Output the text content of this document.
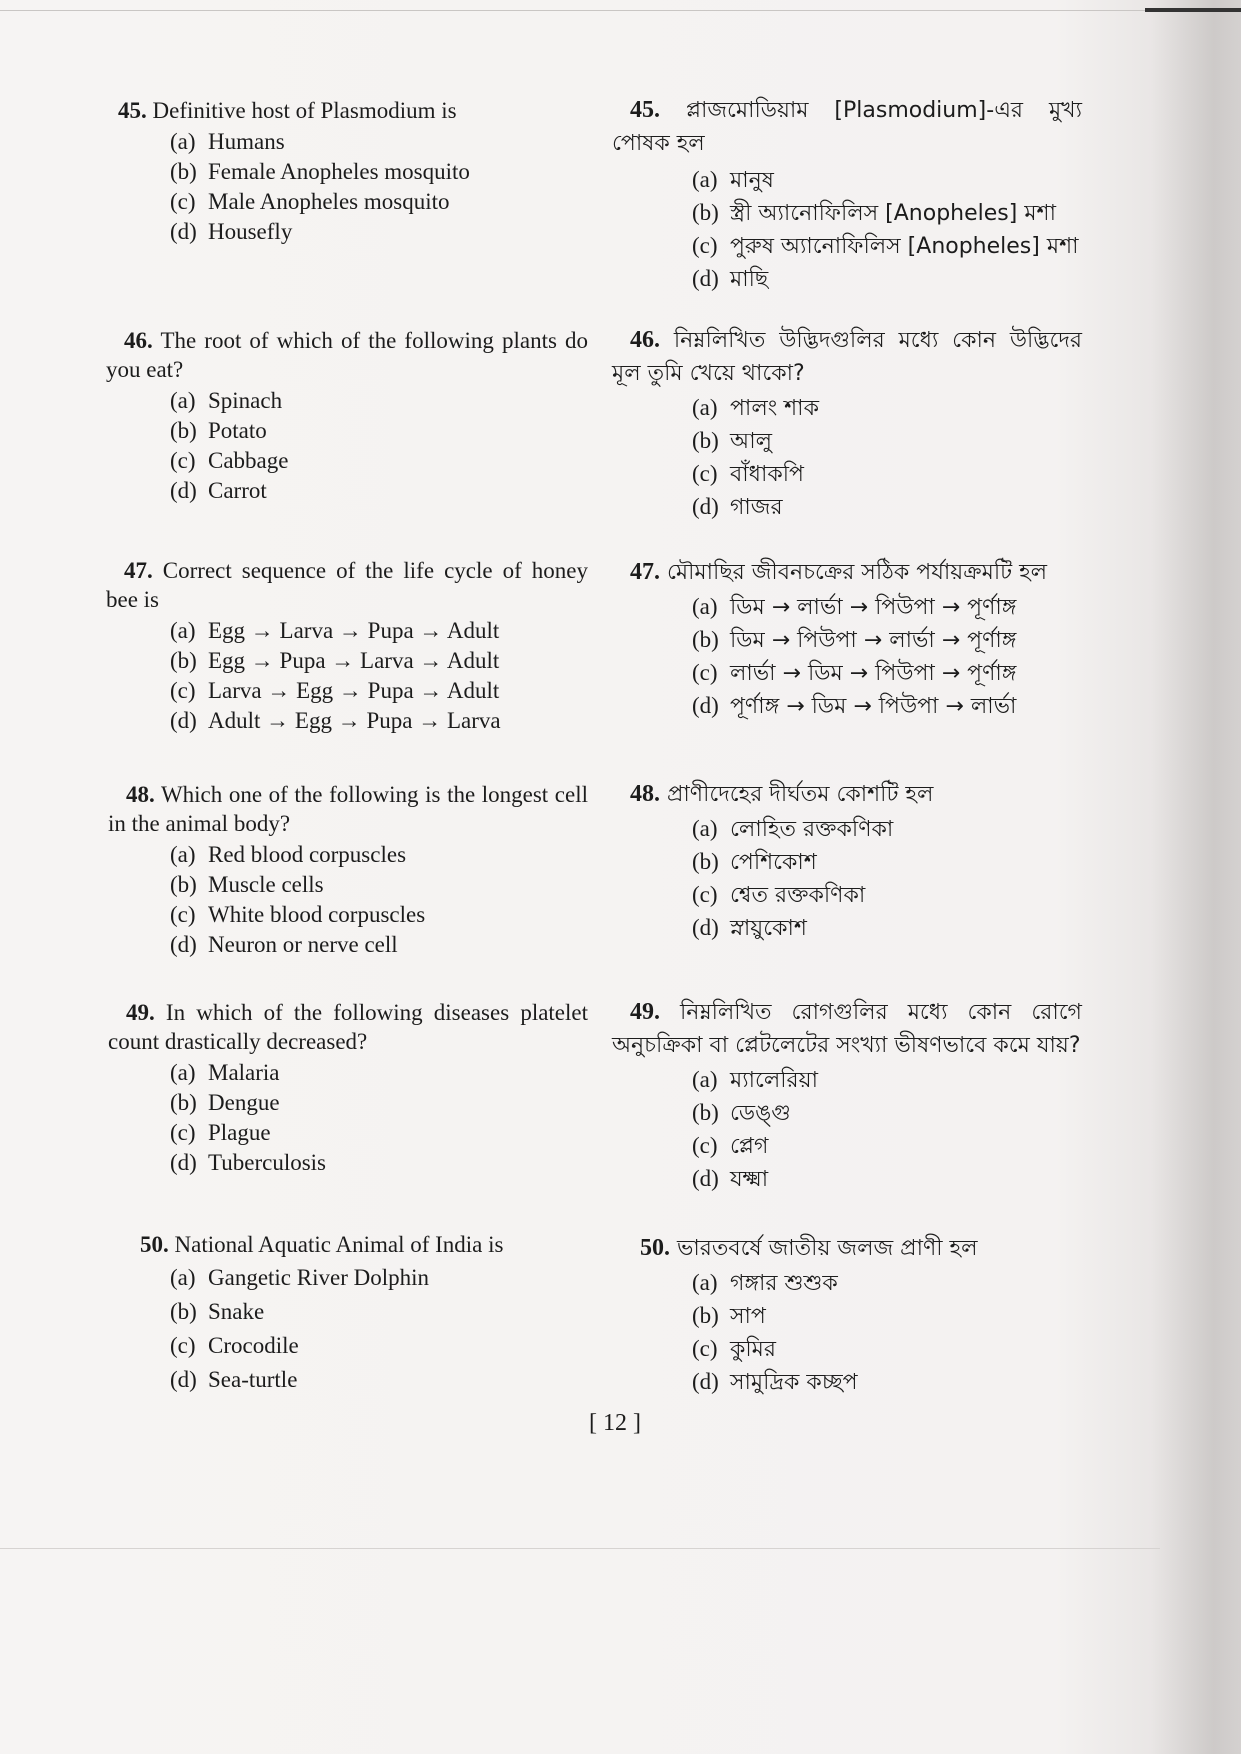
45. Definitive host of Plasmodium is
(a) Humans
(b) Female Anopheles mosquito
(c) Male Anopheles mosquito
(d) Housefly
46. The root of which of the following plants do you eat?
(a) Spinach
(b) Potato
(c) Cabbage
(d) Carrot
47. Correct sequence of the life cycle of honey bee is
(a) Egg → Larva → Pupa → Adult
(b) Egg → Pupa → Larva → Adult
(c) Larva → Egg → Pupa → Adult
(d) Adult → Egg → Pupa → Larva
48. Which one of the following is the longest cell in the animal body?
(a) Red blood corpuscles
(b) Muscle cells
(c) White blood corpuscles
(d) Neuron or nerve cell
49. In which of the following diseases platelet count drastically decreased?
(a) Malaria
(b) Dengue
(c) Plague
(d) Tuberculosis
50. National Aquatic Animal of India is
(a) Gangetic River Dolphin
(b) Snake
(c) Crocodile
(d) Sea-turtle
45. প্লাজমোডিয়াম [Plasmodium]-এর মুখ্য পোষক হল
(a) মানুষ
(b) স্ত্রী অ্যানোফিলিস [Anopheles] মশা
(c) পুরুষ অ্যানোফিলিস [Anopheles] মশা
(d) মাছি
46. নিম্নলিখিত উদ্ভিদগুলির মধ্যে কোন উদ্ভিদের মূল তুমি খেয়ে থাকো?
(a) পালং শাক
(b) আলু
(c) বাঁধাকপি
(d) গাজর
47. মৌমাছির জীবনচক্রের সঠিক পর্যায়ক্রমটি হল
(a) ডিম → লার্ভা → পিউপা → পূর্ণাঙ্গ
(b) ডিম → পিউপা → লার্ভা → পূর্ণাঙ্গ
(c) লার্ভা → ডিম → পিউপা → পূর্ণাঙ্গ
(d) পূর্ণাঙ্গ → ডিম → পিউপা → লার্ভা
48. প্রাণীদেহের দীর্ঘতম কোশটি হল
(a) লোহিত রক্তকণিকা
(b) পেশিকোশ
(c) শ্বেত রক্তকণিকা
(d) স্নায়ুকোশ
49. নিম্নলিখিত রোগগুলির মধ্যে কোন রোগে অনুচক্রিকা বা প্লেটলেটের সংখ্যা ভীষণভাবে কমে যায়?
(a) ম্যালেরিয়া
(b) ডেঙ্গু
(c) প্লেগ
(d) যক্ষ্মা
50. ভারতবর্ষে জাতীয় জলজ প্রাণী হল
(a) গঙ্গার শুশুক
(b) সাপ
(c) কুমির
(d) সামুদ্রিক কচ্ছপ
[ 12 ]
